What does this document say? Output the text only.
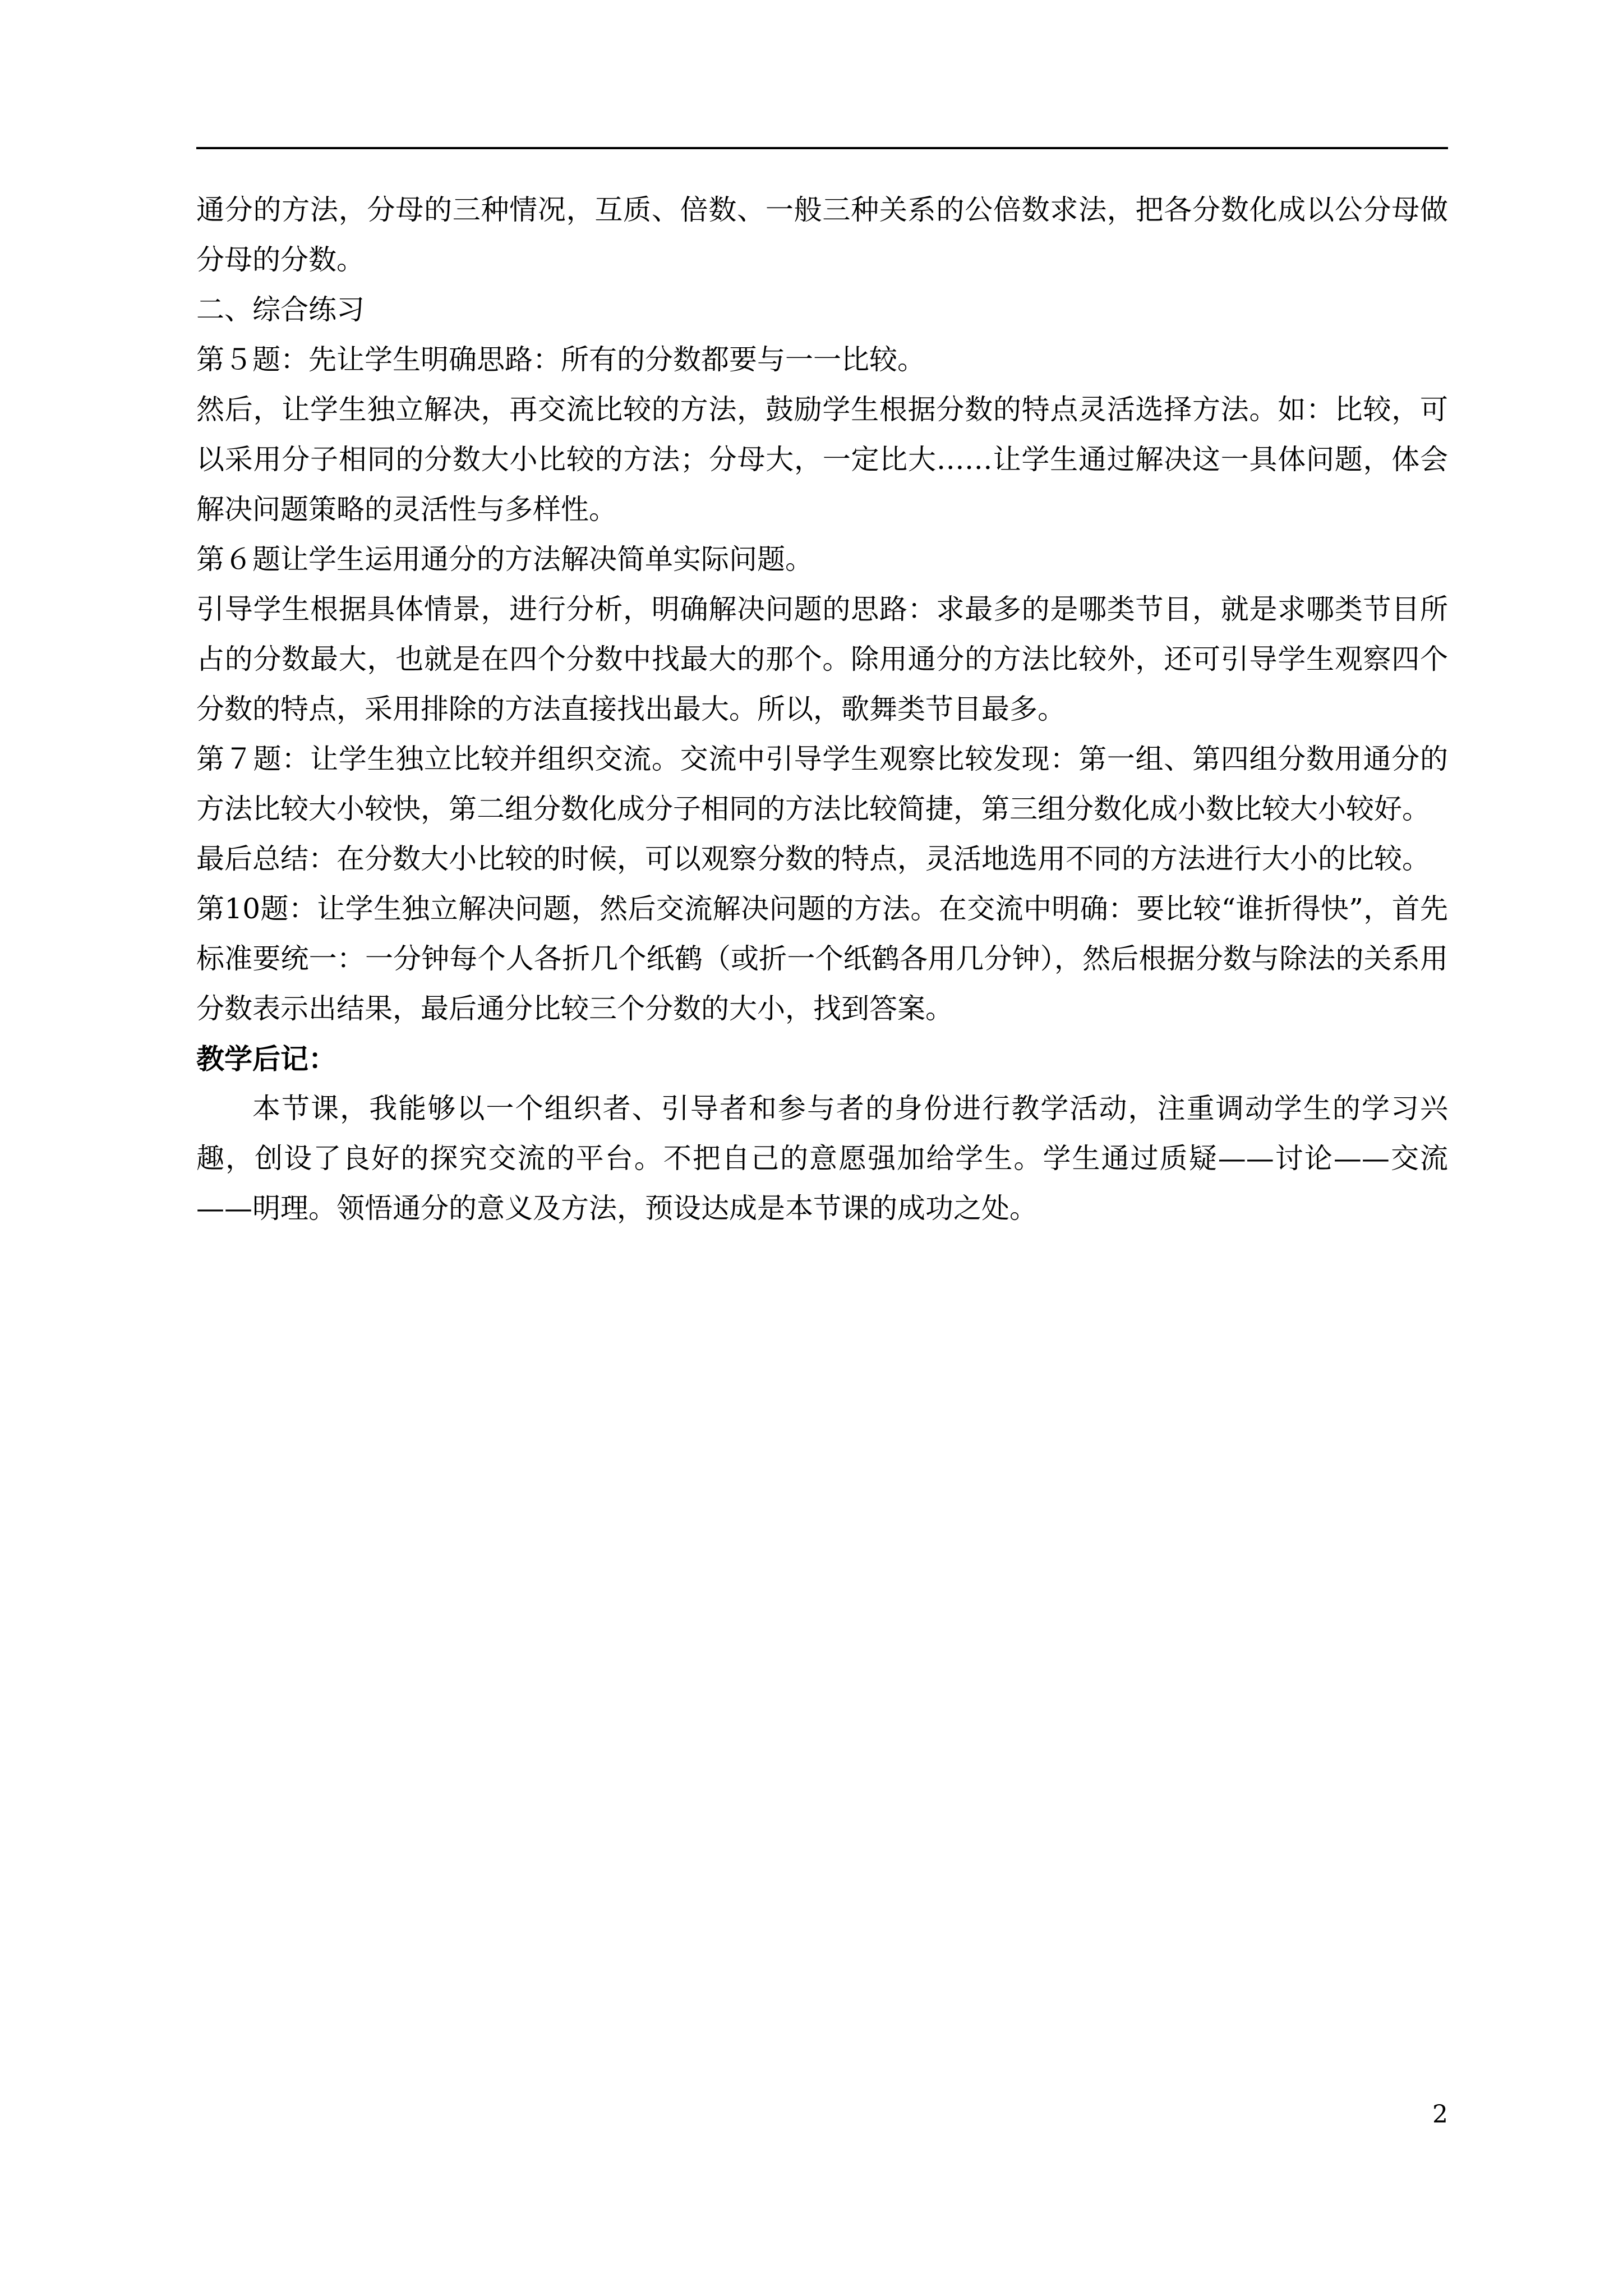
通分的方法，分母的三种情况，互质、倍数、一般三种关系的公倍数求法，把各分数化成以公分母做分母的分数。

二、综合练习

第５题：先让学生明确思路：所有的分数都要与一一比较。

然后，让学生独立解决，再交流比较的方法，鼓励学生根据分数的特点灵活选择方法。如：比较，可以采用分子相同的分数大小比较的方法；分母大，一定比大……让学生通过解决这一具体问题，体会解决问题策略的灵活性与多样性。

第６题让学生运用通分的方法解决简单实际问题。

引导学生根据具体情景，进行分析，明确解决问题的思路：求最多的是哪类节目，就是求哪类节目所占的分数最大，也就是在四个分数中找最大的那个。除用通分的方法比较外，还可引导学生观察四个分数的特点，采用排除的方法直接找出最大。所以，歌舞类节目最多。

第７题：让学生独立比较并组织交流。交流中引导学生观察比较发现：第一组、第四组分数用通分的方法比较大小较快，第二组分数化成分子相同的方法比较简捷，第三组分数化成小数比较大小较好。

最后总结：在分数大小比较的时候，可以观察分数的特点，灵活地选用不同的方法进行大小的比较。

第10题：让学生独立解决问题，然后交流解决问题的方法。在交流中明确：要比较“谁折得快”，首先标准要统一：一分钟每个人各折几个纸鹤（或折一个纸鹤各用几分钟），然后根据分数与除法的关系用分数表示出结果，最后通分比较三个分数的大小，找到答案。

教学后记：

本节课，我能够以一个组织者、引导者和参与者的身份进行教学活动，注重调动学生的学习兴趣，创设了良好的探究交流的平台。不把自己的意愿强加给学生。学生通过质疑——讨论——交流——明理。领悟通分的意义及方法，预设达成是本节课的成功之处。

2
